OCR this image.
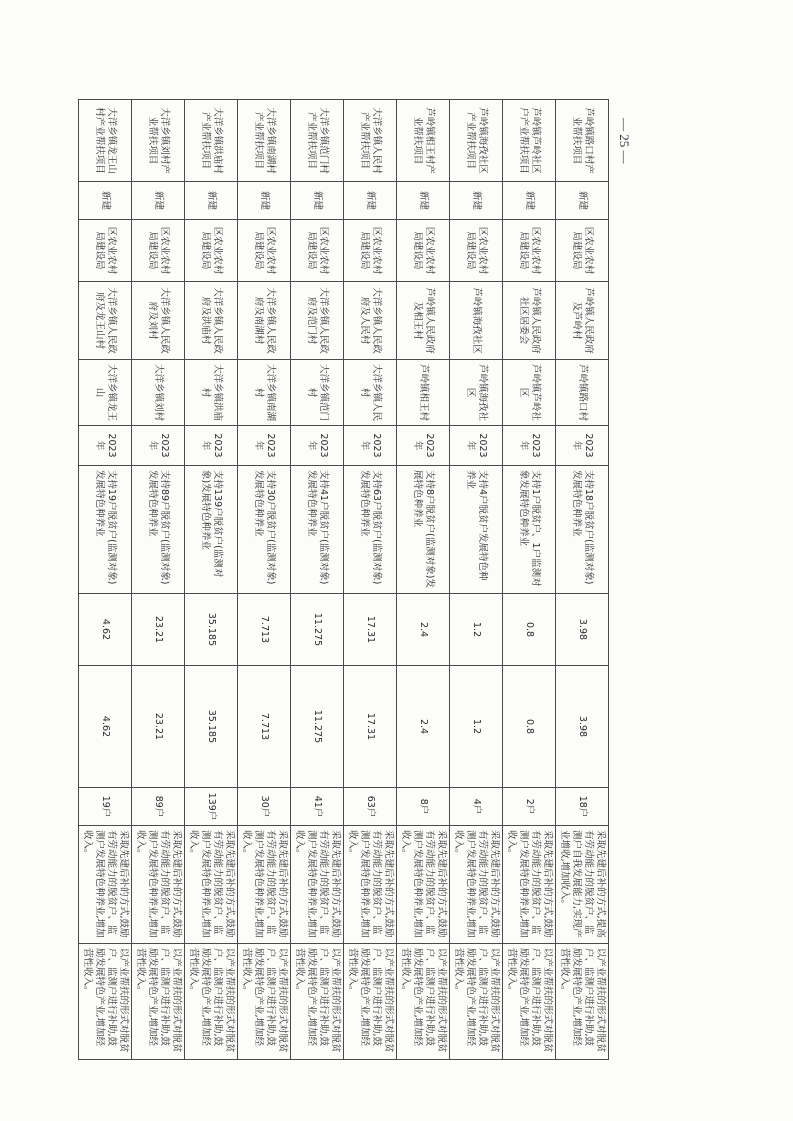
芦岭镇路口村产业帮扶项目	新建	区农业农村局建设局	芦岭镇人民政府及芦岭村	芦岭镇路口村	2023年	支持18户脱贫户(监测对象)发展特色种养业	3.98	3.98	18户	采取先建后补的方式,提高有劳动能力的脱贫户、监测户自我发展能力,实现产业增收,增加收入。	以产业帮扶的形式对脱贫户、监测户进行补助,鼓励发展特色产业,增加经营性收入。
芦岭镇芦岭社区户产业帮扶项目	新建	区农业农村局建设局	芦岭镇人民政府社区居委会	芦岭镇芦岭社区	2023年	支持1户脱贫户、1户监测对象发展特色种养业	0.8	0.8	2户	采取先建后补的方式,鼓励有劳动能力的脱贫户、监测户发展特色种养业,增加收入。	以产业帮扶的形式对脱贫户、监测户进行补助,鼓励发展特色产业,增加经营性收入。
芦岭镇海孜社区产业帮扶项目	新建	区农业农村局建设局	芦岭镇海孜社区	芦岭镇海孜社区	2023年	支持4户脱贫户发展特色种养业	1.2	1.2	4户	采取先建后补的方式,鼓励有劳动能力的脱贫户、监测户发展特色种养业,增加收入。	以产业帮扶的形式对脱贫户、监测户进行补助,鼓励发展特色产业,增加经营性收入。
芦岭镇相王村产业帮扶项目	新建	区农业农村局建设局	芦岭镇人民政府及相王村	芦岭镇相王村	2023年	支持8户脱贫户(监测对象)发展特色种养业	2.4	2.4	8户	采取先建后补的方式,鼓励有劳动能力的脱贫户、监测户发展特色种养业,增加收入。	以产业帮扶的形式对脱贫户、监测户进行补助,鼓励发展特色产业,增加经营性收入。
大洋乡镇人民村产业帮扶项目	新建	区农业农村局建设局	大洋乡镇人民政府及人民村	大洋乡镇人民村	2023年	支持63户脱贫户(监测对象)发展特色种养业	17.31	17.31	63户	采取先建后补的方式,鼓励有劳动能力的脱贫户、监测户发展特色种养业,增加收入。	以产业帮扶的形式对脱贫户、监测户进行补助,鼓励发展特色产业,增加经营性收入。
大洋乡镇范门村产业帮扶项目	新建	区农业农村局建设局	大洋乡镇人民政府及范门村	大洋乡镇范门村	2023年	支持41户脱贫户(监测对象)发展特色种养业	11.275	11.275	41户	采取先建后补的方式,鼓励有劳动能力的脱贫户、监测户发展特色种养业,增加收入。	以产业帮扶的形式对脱贫户、监测户进行补助,鼓励发展特色产业,增加经营性收入。
大洋乡镇南湖村产业帮扶项目	新建	区农业农村局建设局	大洋乡镇人民政府及南湖村	大洋乡镇南湖村	2023年	支持30户脱贫户(监测对象)发展特色种养业	7.713	7.713	30户	采取先建后补的方式,鼓励有劳动能力的脱贫户、监测户发展特色种养业,增加收入。	以产业帮扶的形式对脱贫户、监测户进行补助,鼓励发展特色产业,增加经营性收入。
大洋乡镇洪庙村产业帮扶项目	新建	区农业农村局建设局	大洋乡镇人民政府及洪庙村	大洋乡镇洪庙村	2023年	支持139户脱贫户(监测对象)发展特色种养业	35.185	35.185	139户	采取先建后补的方式,鼓励有劳动能力的脱贫户、监测户发展特色种养业,增加收入。	以产业帮扶的形式对脱贫户、监测户进行补助,鼓励发展特色产业,增加经营性收入。
大洋乡镇刘村产业帮扶项目	新建	区农业农村局建设局	大洋乡镇人民政府及刘村	大洋乡镇刘村	2023年	支持89户脱贫户(监测对象)发展特色种养业	23.21	23.21	89户	采取先建后补的方式,鼓励有劳动能力的脱贫户、监测户发展特色种养业,增加收入。	以产业帮扶的形式对脱贫户、监测户进行补助,鼓励发展特色产业,增加经营性收入。
大洋乡镇龙王山村产业帮扶项目	新建	区农业农村局建设局	大洋乡镇人民政府及龙王山村	大洋乡镇龙王山	2023年	支持19户脱贫户(监测对象)发展特色种养业	4.62	4.62	19户	采取先建后补的方式,鼓励有劳动能力的脱贫户、监测户发展特色种养业,增加收入。	以产业帮扶的形式对脱贫户、监测户进行补助,鼓励发展特色产业,增加经营性收入。
— 25 —
